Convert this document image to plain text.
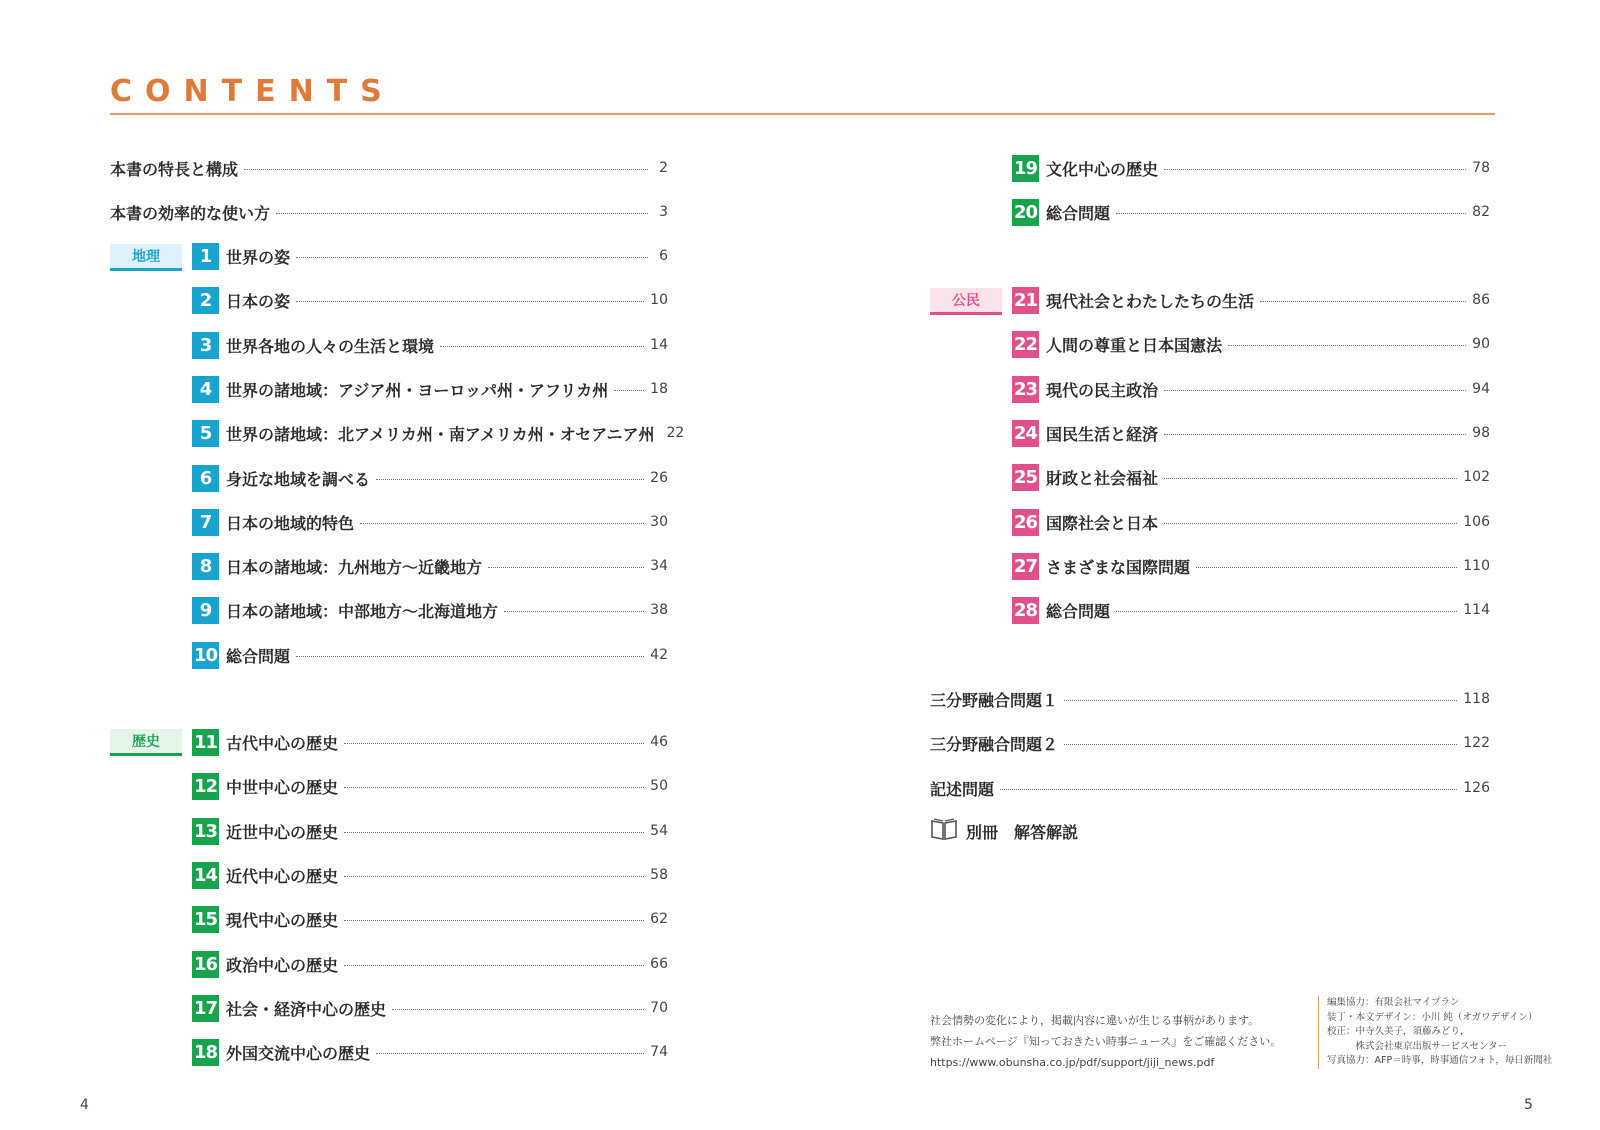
CONTENTS
本書の特長と構成	2
本書の効率的な使い方	3
地理	1 世界の姿	6
2 日本の姿	10
3 世界各地の人々の生活と環境	14
4 世界の諸地域：アジア州・ヨーロッパ州・アフリカ州	18
5 世界の諸地域：北アメリカ州・南アメリカ州・オセアニア州 22
6 身近な地域を調べる	26
7 日本の地域的特色	30
8 日本の諸地域：九州地方～近畿地方	34
9 日本の諸地域：中部地方～北海道地方	38
10 総合問題	42
歴史	11 古代中心の歴史	46
12 中世中心の歴史	50
13 近世中心の歴史	54
14 近代中心の歴史	58
15 現代中心の歴史	62
16 政治中心の歴史	66
17 社会・経済中心の歴史	70
18 外国交流中心の歴史	74
19 文化中心の歴史	78
20 総合問題	82
公民	21 現代社会とわたしたちの生活	86
22 人間の尊重と日本国憲法	90
23 現代の民主政治	94
24 国民生活と経済	98
25 財政と社会福祉	102
26 国際社会と日本	106
27 さまざまな国際問題	110
28 総合問題	114
三分野融合問題１	118
三分野融合問題２	122
記述問題	126
別冊　解答解説
社会情勢の変化により，掲載内容に違いが生じる事柄があります。
弊社ホームページ『知っておきたい時事ニュース』をご確認ください。
https://www.obunsha.co.jp/pdf/support/jiji_news.pdf
編集協力：有限会社マイプラン
装丁・本文デザイン：小川 純（オガワデザイン）
校正：中寺久美子，須藤みどり，
　　　株式会社東京出版サービスセンター
写真協力：AFP＝時事，時事通信フォト，毎日新聞社
4	5
